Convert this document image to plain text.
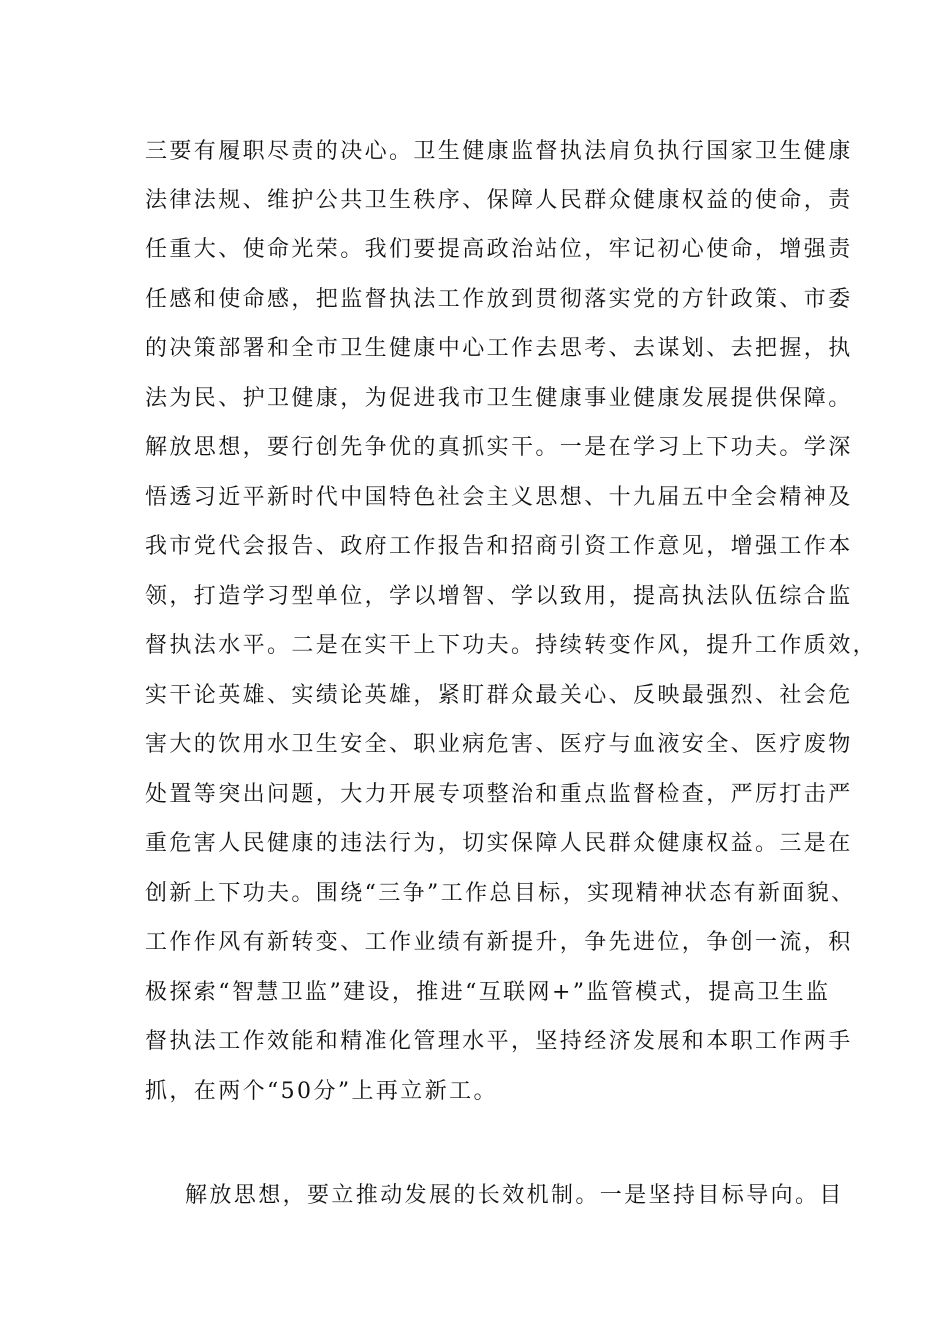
三要有履职尽责的决心。卫生健康监督执法肩负执行国家卫生健康
法律法规、维护公共卫生秩序、保障人民群众健康权益的使命，责
任重大、使命光荣。我们要提高政治站位，牢记初心使命，增强责
任感和使命感，把监督执法工作放到贯彻落实党的方针政策、市委
的决策部署和全市卫生健康中心工作去思考、去谋划、去把握，执
法为民、护卫健康，为促进我市卫生健康事业健康发展提供保障。
解放思想，要行创先争优的真抓实干。一是在学习上下功夫。学深
悟透习近平新时代中国特色社会主义思想、十九届五中全会精神及
我市党代会报告、政府工作报告和招商引资工作意见，增强工作本
领，打造学习型单位，学以增智、学以致用，提高执法队伍综合监
督执法水平。二是在实干上下功夫。持续转变作风，提升工作质效，
实干论英雄、实绩论英雄，紧盯群众最关心、反映最强烈、社会危
害大的饮用水卫生安全、职业病危害、医疗与血液安全、医疗废物
处置等突出问题，大力开展专项整治和重点监督检查，严厉打击严
重危害人民健康的违法行为，切实保障人民群众健康权益。三是在
创新上下功夫。围绕“三争”工作总目标，实现精神状态有新面貌、
工作作风有新转变、工作业绩有新提升，争先进位，争创一流，积
极探索“智慧卫监”建设，推进“互联网+”监管模式，提高卫生监
督执法工作效能和精准化管理水平，坚持经济发展和本职工作两手
抓，在两个“50分”上再立新工。
解放思想，要立推动发展的长效机制。一是坚持目标导向。目
